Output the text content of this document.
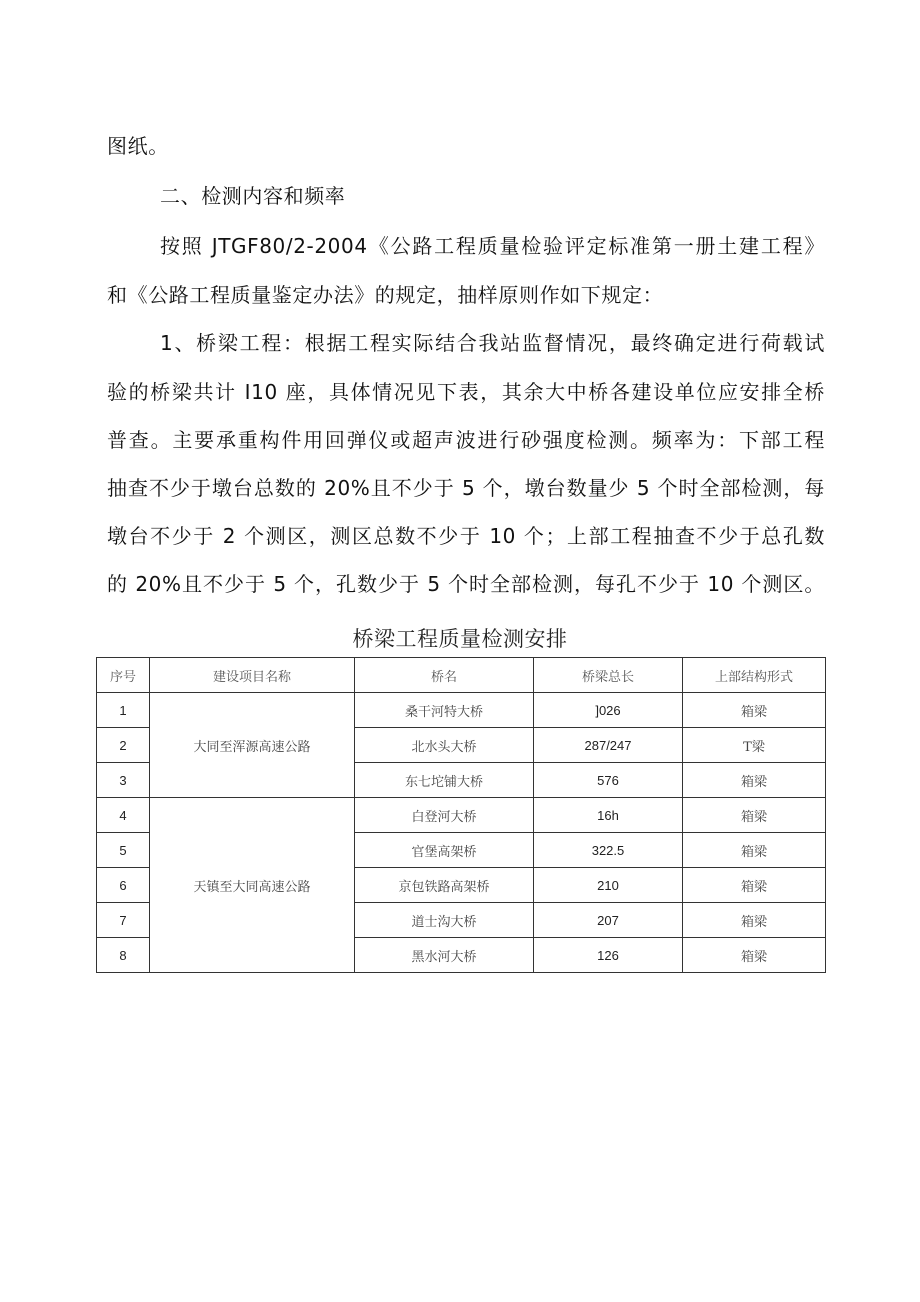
图纸。
二、检测内容和频率
按照 JTGF80/2-2004《公路工程质量检验评定标准第一册土建工程》
和《公路工程质量鉴定办法》的规定，抽样原则作如下规定：
1、桥梁工程：根据工程实际结合我站监督情况，最终确定进行荷载试
验的桥梁共计 I10 座，具体情况见下表，其余大中桥各建设单位应安排全桥
普查。主要承重构件用回弹仪或超声波进行砂强度检测。频率为：下部工程
抽查不少于墩台总数的 20%且不少于 5 个，墩台数量少 5 个时全部检测，每
墩台不少于 2 个测区，测区总数不少于 10 个；上部工程抽查不少于总孔数
的 20%且不少于 5 个，孔数少于 5 个时全部检测，每孔不少于 10 个测区。
桥梁工程质量检测安排
序号	建设项目名称	桥名	桥梁总长	上部结构形式
1	大同至浑源高速公路	桑干河特大桥	]026	箱梁
2		北水头大桥	287/247	T梁
3		东七坨铺大桥	576	箱梁
4	天镇至大同高速公路	白登河大桥	16h	箱梁
5		官堡高架桥	322.5	箱梁
6		京包铁路高架桥	210	箱梁
7		道士沟大桥	207	箱梁
8		黑水河大桥	126	箱梁
